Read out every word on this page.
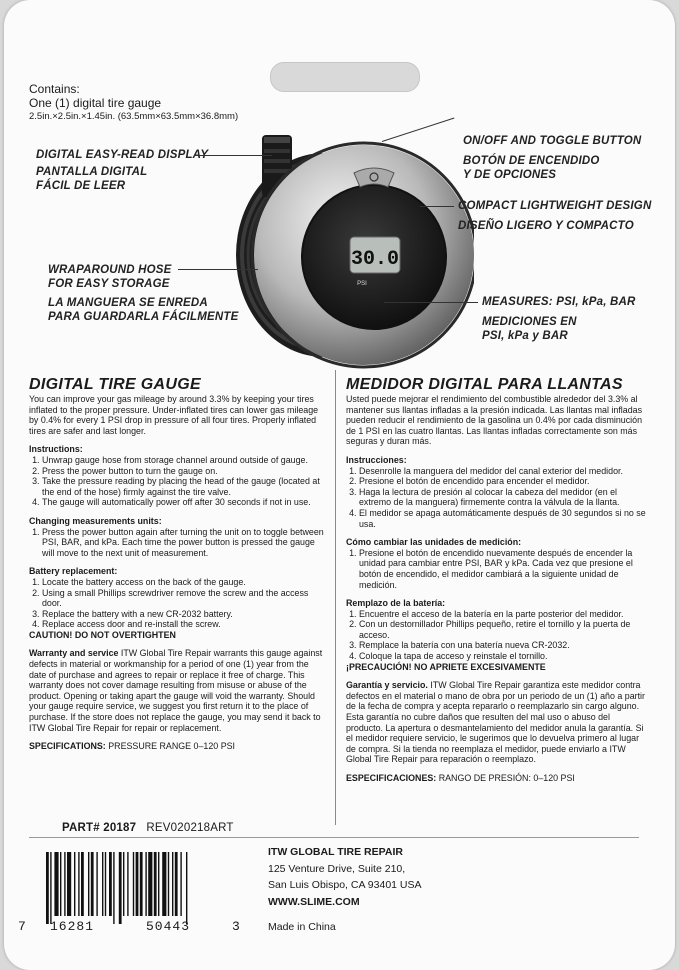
Contains:
One (1) digital tire gauge
2.5in.×2.5in.×1.45in. (63.5mm×63.5mm×36.8mm)
30.0
PSI
DIGITAL EASY-READ DISPLAY
PANTALLA DIGITAL
FÁCIL DE LEER
WRAPAROUND HOSE
FOR EASY STORAGE
LA MANGUERA SE ENREDA
PARA GUARDARLA FÁCILMENTE
ON/OFF AND TOGGLE BUTTON
BOTÓN DE ENCENDIDO
Y DE OPCIONES
COMPACT LIGHTWEIGHT DESIGN
DISEÑO LIGERO Y COMPACTO
MEASURES: PSI, kPa, BAR
MEDICIONES EN
PSI, kPa y BAR
DIGITAL TIRE GAUGE

You can improve your gas mileage by around 3.3% by keeping your tires inflated to the proper pressure. Under-inflated tires can lower gas mileage by 0.4% for every 1 PSI drop in pressure of all four tires. Properly inflated tires are safer and last longer.

Instructions:
1. Unwrap gauge hose from storage channel around outside of gauge.
2. Press the power button to turn the gauge on.
3. Take the pressure reading by placing the head of the gauge (located at the end of the hose) firmly against the tire valve.
4. The gauge will automatically power off after 30 seconds if not in use.
Changing measurements units:
1. Press the power button again after turning the unit on to toggle between PSI, BAR, and kPa. Each time the power button is pressed the gauge will move to the next unit of measurement.
Battery replacement:
1. Locate the battery access on the back of the gauge.
2. Using a small Phillips screwdriver remove the screw and the access door.
3. Replace the battery with a new CR-2032 battery.
4. Replace access door and re-install the screw.

CAUTION! DO NOT OVERTIGHTEN

Warranty and service ITW Global Tire Repair warrants this gauge against defects in material or workmanship for a period of one (1) year from the date of purchase and agrees to repair or replace it free of charge. This warranty does not cover damage resulting from misuse or abuse of the product. Opening or taking apart the gauge will void the warranty. Should your gauge require service, we suggest you first return it to the place of purchase. If the store does not replace the gauge, you may send it back to ITW Global Tire Repair for repair or replacement.

SPECIFICATIONS: PRESSURE RANGE 0–120 PSI

MEDIDOR DIGITAL PARA LLANTAS

Usted puede mejorar el rendimiento del combustible alrededor del 3.3% al mantener sus llantas infladas a la presión indicada. Las llantas mal infladas pueden reducir el rendimiento de la gasolina un 0.4% por cada disminución de 1 PSI en las cuatro llantas. Las llantas infladas correctamente son más seguras y duran más.

Instrucciones:
1. Desenrolle la manguera del medidor del canal exterior del medidor.
2. Presione el botón de encendido para encender el medidor.
3. Haga la lectura de presión al colocar la cabeza del medidor (en el extremo de la manguera) firmemente contra la válvula de la llanta.
4. El medidor se apaga automáticamente después de 30 segundos si no se usa.
Cómo cambiar las unidades de medición:
1. Presione el botón de encendido nuevamente después de encender la unidad para cambiar entre PSI, BAR y kPa. Cada vez que presione el botón de encendido, el medidor cambiará a la siguiente unidad de medición.
Remplazo de la batería:
1. Encuentre el acceso de la batería en la parte posterior del medidor.
2. Con un destornillador Phillips pequeño, retire el tornillo y la puerta de acceso.
3. Remplace la batería con una batería nueva CR-2032.
4. Coloque la tapa de acceso y reinstale el tornillo.

¡PRECAUCIÓN! NO APRIETE EXCESIVAMENTE

Garantía y servicio. ITW Global Tire Repair garantiza este medidor contra defectos en el material o mano de obra por un periodo de un (1) año a partir de la fecha de compra y acepta repararlo o reemplazarlo sin cargo alguno. Esta garantía no cubre daños que resulten del mal uso o abuso del producto. La apertura o desmantelamiento del medidor anula la garantía. Si el medidor requiere servicio, le sugerimos que lo devuelva primero al lugar de compra. Si la tienda no reemplaza el medidor, puede enviarlo a ITW Global Tire Repair para reparación o reemplazo.

ESPECIFICACIONES: RANGO DE PRESIÓN: 0–120 PSI

PART# 20187 REV020218ART
7 16281	50443	3
ITW GLOBAL TIRE REPAIR
125 Venture Drive, Suite 210,
San Luis Obispo, CA 93401 USA
WWW.SLIME.COM
Made in China
